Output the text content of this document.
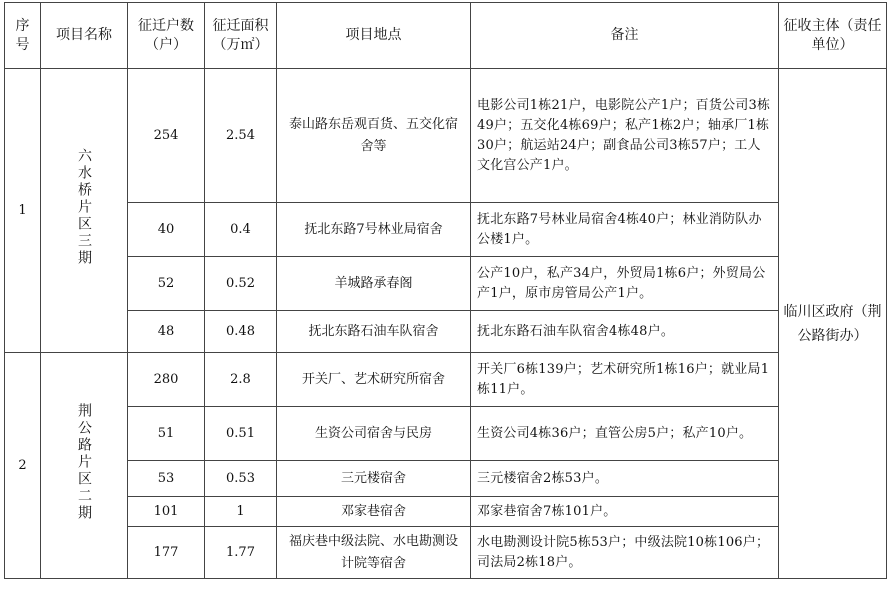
序号	项目名称	征迁户数（户）	征迁面积（万㎡）	项目地点	备注	征收主体（责任单位）
1	六水桥片区三期	254	2.54	泰山路东岳观百货、五交化宿舍等	电影公司1栋21户，电影院公产1户；百货公司3栋49户；五交化4栋69户；私产1栋2户；轴承厂1栋30户；航运站24户；副食品公司3栋57户；工人文化宫公产1户。	临川区政府（荆公路街办）
		40	0.4	抚北东路7号林业局宿舍	抚北东路7号林业局宿舍4栋40户；林业消防队办公楼1户。	
		52	0.52	羊城路承春阁	公产10户，私产34户，外贸局1栋6户；外贸局公产1户，原市房管局公产1户。	
		48	0.48	抚北东路石油车队宿舍	抚北东路石油车队宿舍4栋48户。	
2	荆公路片区二期	280	2.8	开关厂、艺术研究所宿舍	开关厂6栋139户；艺术研究所1栋16户；就业局1栋11户。	
		51	0.51	生资公司宿舍与民房	生资公司4栋36户；直管公房5户；私产10户。	
		53	0.53	三元楼宿舍	三元楼宿舍2栋53户。	
		101	1	邓家巷宿舍	邓家巷宿舍7栋101户。	
		177	1.77	福庆巷中级法院、水电勘测设计院等宿舍	水电勘测设计院5栋53户；中级法院10栋106户；司法局2栋18户。	
